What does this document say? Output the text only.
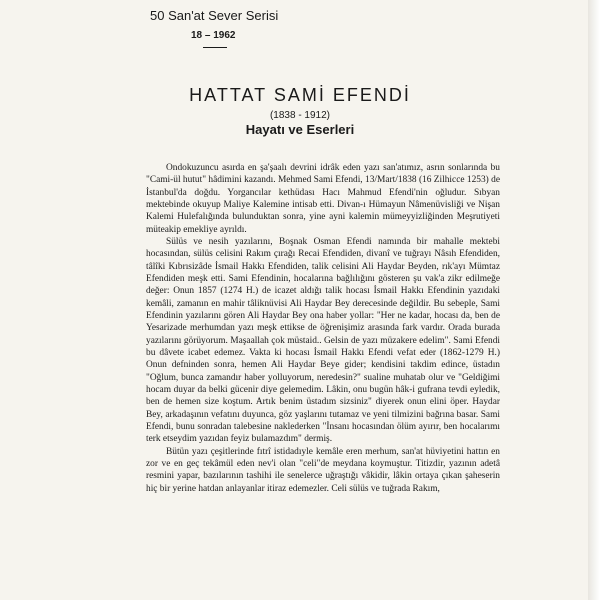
50 San'at Sever Serisi
18 – 1962
HATTAT SAMİ EFENDİ
(1838 - 1912)
Hayatı ve Eserleri

Ondokuzuncu asırda en şa'şaalı devrini idrâk eden yazı san'atımız, asrın sonlarında bu "Cami-ül hutut" hâdimini kazandı. Mehmed Sami Efendi, 13/Mart/1838 (16 Zilhicce 1253) de İstanbul'da doğdu. Yorgancılar kethüdası Hacı Mahmud Efendi'nin oğludur. Sıbyan mektebinde okuyup Maliye Kalemine intisab etti. Divan-ı Hümayun Nâmenüvisliği ve Nişan Kalemi Hulefalığında bulunduktan sonra, yine ayni kalemin mümeyyizliğinden Meşrutiyeti müteakip emekliye ayrıldı.

Sülüs ve nesih yazılarını, Boşnak Osman Efendi namında bir mahalle mektebi hocasından, sülüs celisini Rakım çırağı Recai Efendiden, divanî ve tuğrayı Nâsıh Efendiden, tâlîki Kıbrısizâde İsmail Hakkı Efendiden, talik celisini Ali Haydar Beyden, rık'ayı Mümtaz Efendiden meşk etti. Sami Efendinin, hocalarına bağlılığını gösteren şu vak'a zikr edilmeğe değer: Onun 1857 (1274 H.) de icazet aldığı talik hocası İsmail Hakkı Efendinin yazıdaki kemâli, zamanın en mahir tâliknüvisi Ali Haydar Bey derecesinde değildir. Bu sebeple, Sami Efendinin yazılarını gören Ali Haydar Bey ona haber yollar: "Her ne kadar, hocası da, ben de Yesarizade merhumdan yazı meşk ettikse de öğrenişimiz arasında fark vardır. Orada burada yazılarını görüyorum. Maşaallah çok müstaid.. Gelsin de yazı müzakere edelim". Sami Efendi bu dâvete icabet edemez. Vakta ki hocası İsmail Hakkı Efendi vefat eder (1862-1279 H.) Onun defninden sonra, hemen Ali Haydar Beye gider; kendisini takdim edince, üstadın "Oğlum, bunca zamandır haber yolluyorum, neredesin?" sualine muhatab olur ve "Geldiğimi hocam duyar da belki gücenir diye gelemedim. Lâkin, onu bugün hâk-i gufrana tevdi eyledik, ben de hemen size koştum. Artık benim üstadım sizsiniz" diyerek onun elini öper. Haydar Bey, arkadaşının vefatını duyunca, göz yaşlarını tutamaz ve yeni tilmizini bağrına basar. Sami Efendi, bunu sonradan talebesine naklederken "İnsanı hocasından ölüm ayırır, ben hocalarımı terk etseydim yazıdan feyiz bulamazdım" dermiş.

Bütün yazı çeşitlerinde fıtrî istidadıyle kemâle eren merhum, san'at hüviyetini hattın en zor ve en geç tekâmül eden nev'i olan "celi"de meydana koymuştur. Titizdir, yazının adetâ resmini yapar, bazılarının tashihi ile senelerce uğraştığı vâkidir, lâkin ortaya çıkan şaheserin hiç bir yerine hatdan anlayanlar itiraz edemezler. Celi sülüs ve tuğrada Rakım,
